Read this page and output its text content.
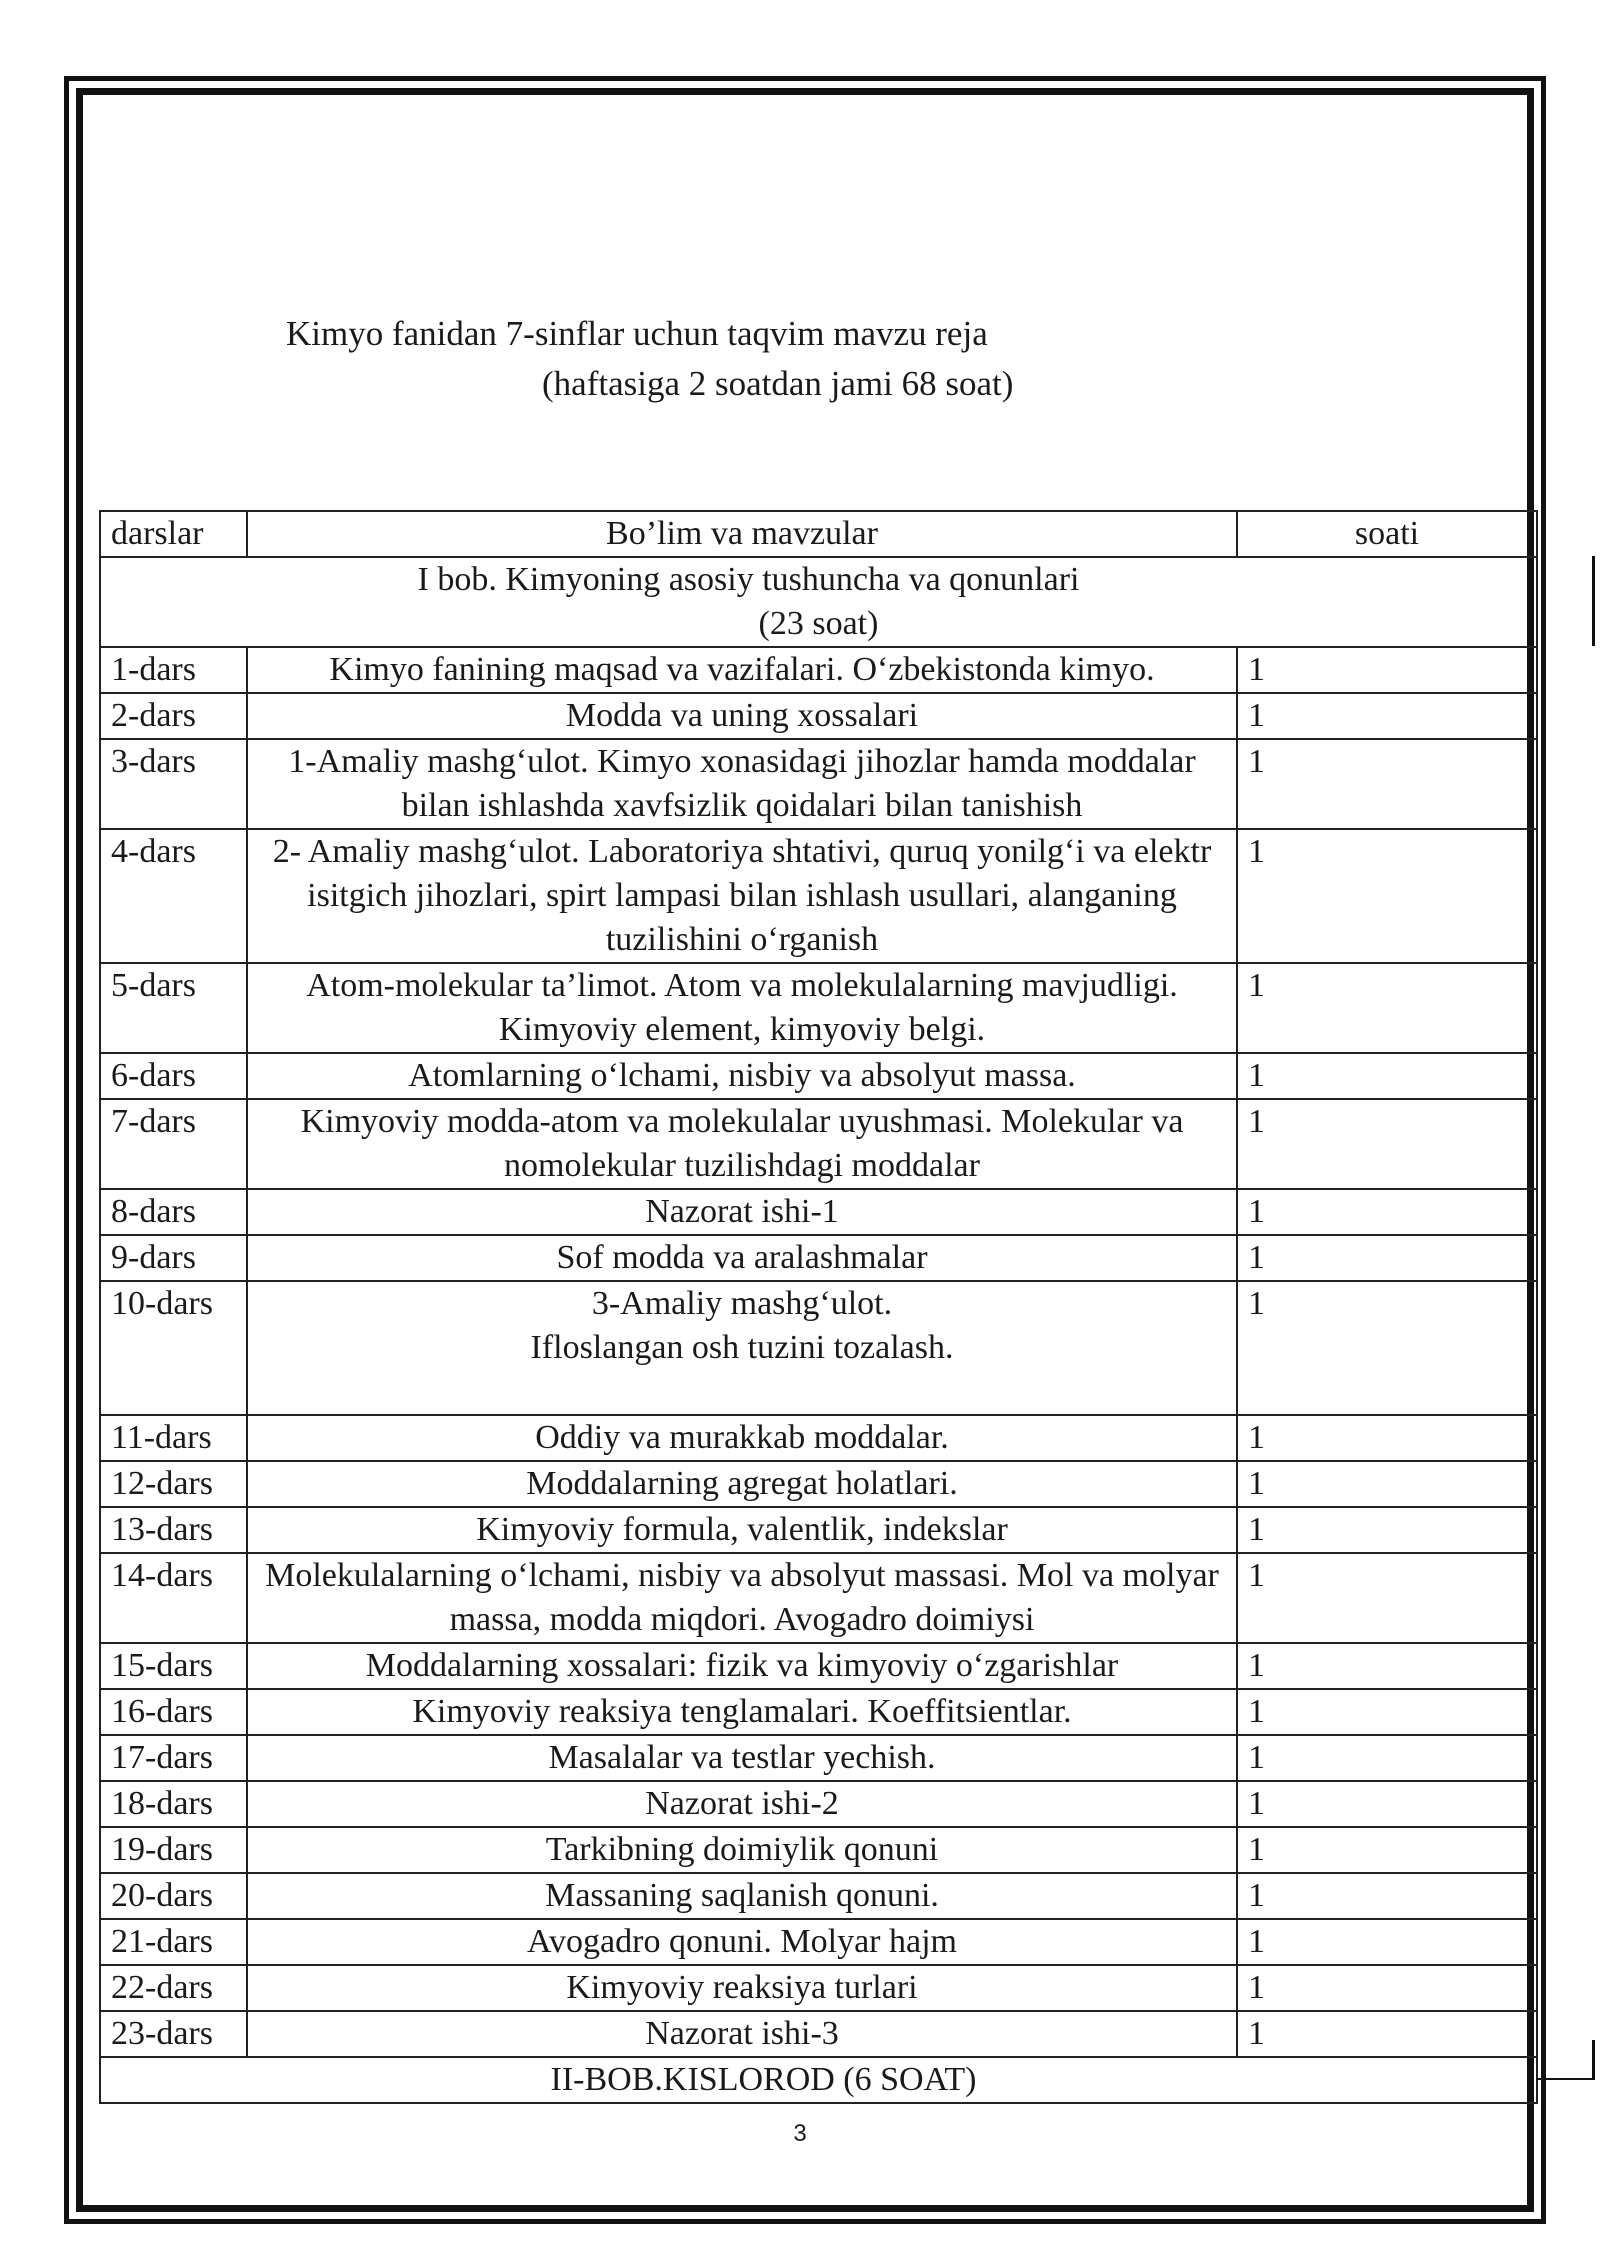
Kimyo fanidan 7-sinflar uchun taqvim mavzu reja
(haftasiga 2 soatdan jami 68 soat)
darslar	Bo’lim va mavzular	soati

I bob. Kimyoning asosiy tushuncha va qonunlari
(23 soat)		

1-dars	Kimyo fanining maqsad va vazifalari. O‘zbekistonda kimyo.	1
2-dars	Modda va uning xossalari	1
3-dars	1-Amaliy mashg‘ulot. Kimyo xonasidagi jihozlar hamda moddalar bilan ishlashda xavfsizlik qoidalari bilan tanishish	1
4-dars	2- Amaliy mashg‘ulot. Laboratoriya shtativi, quruq yonilg‘i va elektr isitgich jihozlari, spirt lampasi bilan ishlash usullari, alanganing tuzilishini o‘rganish	1
5-dars	Atom-molekular ta’limot. Atom va molekulalarning mavjudligi. Kimyoviy element, kimyoviy belgi.	1
6-dars	Atomlarning o‘lchami, nisbiy va absolyut massa.	1
7-dars	Kimyoviy modda-atom va molekulalar uyushmasi. Molekular va nomolekular tuzilishdagi moddalar	1
8-dars	Nazorat ishi-1	1
9-dars	Sof modda va aralashmalar	1
10-dars	3-Amaliy mashg‘ulot.
Ifloslangan osh tuzini tozalash.	1
11-dars	Oddiy va murakkab moddalar.	1
12-dars	Moddalarning agregat holatlari.	1
13-dars	Kimyoviy formula, valentlik, indekslar	1
14-dars	Molekulalarning o‘lchami, nisbiy va absolyut massasi. Mol va molyar massa, modda miqdori. Avogadro doimiysi	1
15-dars	Moddalarning xossalari: fizik va kimyoviy o‘zgarishlar	1
16-dars	Kimyoviy reaksiya tenglamalari. Koeffitsientlar.	1
17-dars	Masalalar va testlar yechish.	1
18-dars	Nazorat ishi-2	1
19-dars	Tarkibning doimiylik qonuni	1
20-dars	Massaning saqlanish qonuni.	1
21-dars	Avogadro qonuni. Molyar hajm	1
22-dars	Kimyoviy reaksiya turlari	1
23-dars	Nazorat ishi-3	1
II-BOB.KISLOROD (6 SOAT)		
3
